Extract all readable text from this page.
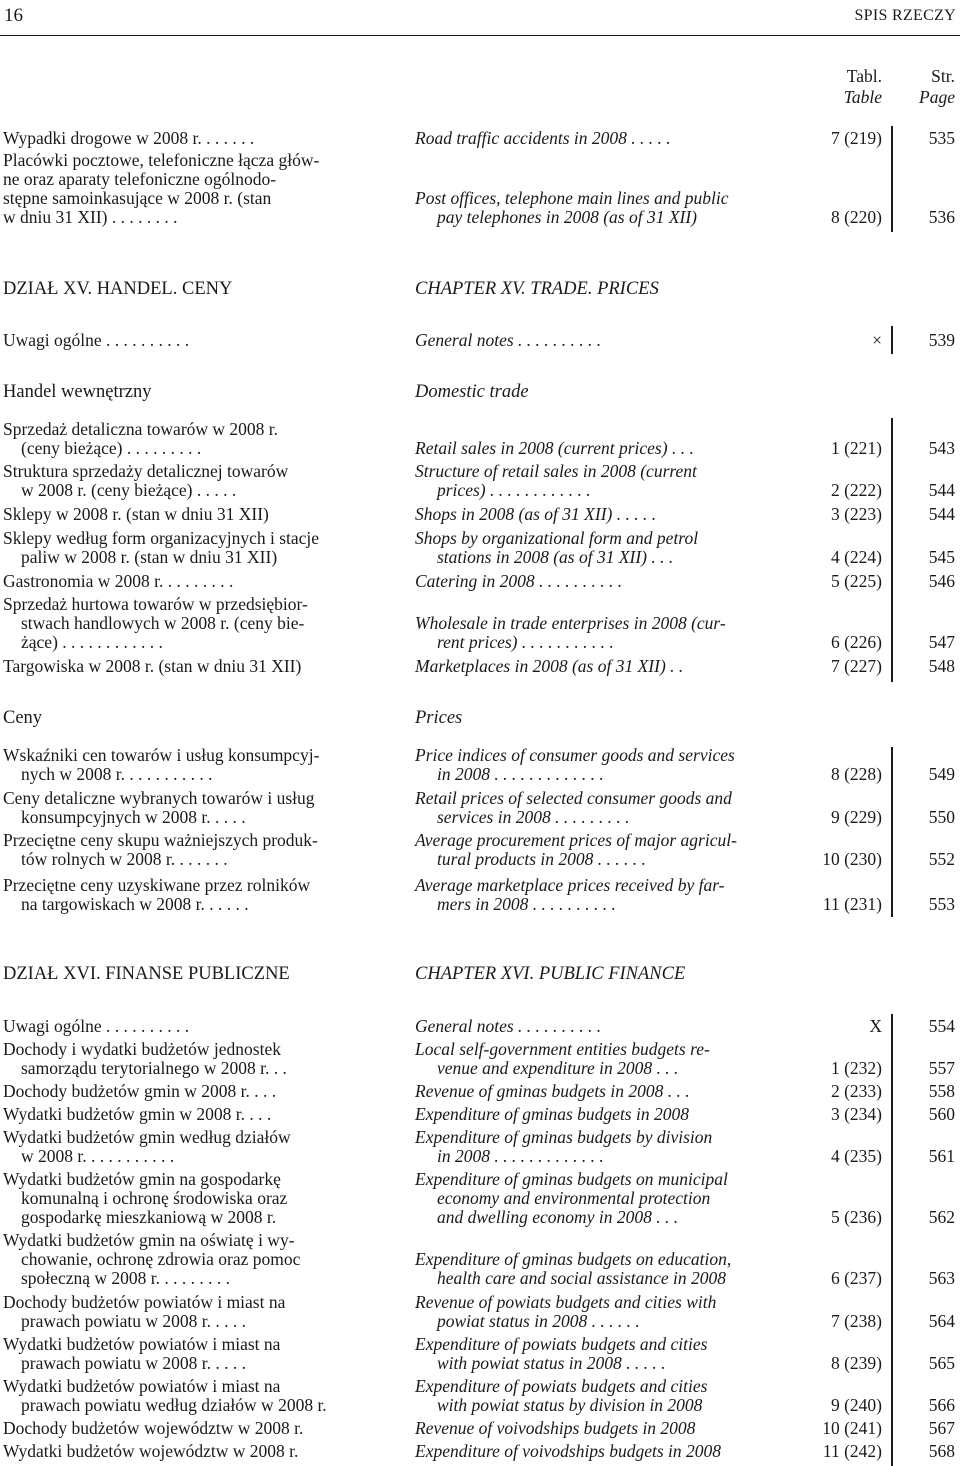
16	SPIS RZECZY
Tabl.
Table
Str.
Page
Wypadki drogowe w 2008 r. . . . . . .	Road traffic accidents in 2008 . . . . .	7 (219)	535
Placówki pocztowe, telefoniczne łącza głów-
ne oraz aparaty telefoniczne ogólnodo-
stępne samoinkasujące w 2008 r. (stan
w dniu 31 XII) . . . . . . . .
Post offices, telephone main lines and public
pay telephones in 2008 (as of 31 XII)	8 (220)	536
DZIAŁ XV. HANDEL. CENY	CHAPTER XV. TRADE. PRICES
Uwagi ogólne . . . . . . . . . .	General notes . . . . . . . . . .	×	539
Handel wewnętrzny	Domestic trade
Sprzedaż detaliczna towarów w 2008 r.
(ceny bieżące) . . . . . . . . .	Retail sales in 2008 (current prices) . . .	1 (221)	543
Struktura sprzedaży detalicznej towarów
w 2008 r. (ceny bieżące) . . . . .
Structure of retail sales in 2008 (current
prices) . . . . . . . . . . . .	2 (222)	544
Sklepy w 2008 r. (stan w dniu 31 XII)	Shops in 2008 (as of 31 XII) . . . . .	3 (223)	544
Sklepy według form organizacyjnych i stacje
paliw w 2008 r. (stan w dniu 31 XII)
Shops by organizational form and petrol
stations in 2008 (as of 31 XII) . . .	4 (224)	545
Gastronomia w 2008 r. . . . . . . . .	Catering in 2008 . . . . . . . . . .	5 (225)	546
Sprzedaż hurtowa towarów w przedsiębior-
stwach handlowych w 2008 r. (ceny bie-
żące) . . . . . . . . . . . .
Wholesale in trade enterprises in 2008 (cur-
rent prices) . . . . . . . . . . .	6 (226)	547
Targowiska w 2008 r. (stan w dniu 31 XII)	Marketplaces in 2008 (as of 31 XII) . .	7 (227)	548
Ceny	Prices
Wskaźniki cen towarów i usług konsumpcyj-
nych w 2008 r. . . . . . . . . . .
Price indices of consumer goods and services
in 2008 . . . . . . . . . . . . .	8 (228)	549
Ceny detaliczne wybranych towarów i usług
konsumpcyjnych w 2008 r. . . . .
Retail prices of selected consumer goods and
services in 2008 . . . . . . . . .	9 (229)	550
Przeciętne ceny skupu ważniejszych produk-
tów rolnych w 2008 r. . . . . . .
Average procurement prices of major agricul-
tural products in 2008 . . . . . .	10 (230)	552
Przeciętne ceny uzyskiwane przez rolników
na targowiskach w 2008 r. . . . . .
Average marketplace prices received by far-
mers in 2008 . . . . . . . . . .	11 (231)	553
DZIAŁ XVI. FINANSE PUBLICZNE	CHAPTER XVI. PUBLIC FINANCE
Uwagi ogólne . . . . . . . . . .	General notes . . . . . . . . . .	X	554
Dochody i wydatki budżetów jednostek
samorządu terytorialnego w 2008 r. . .
Local self-government entities budgets re-
venue and expenditure in 2008 . . .	1 (232)	557
Dochody budżetów gmin w 2008 r. . . .	Revenue of gminas budgets in 2008 . . .	2 (233)	558
Wydatki budżetów gmin w 2008 r. . . .	Expenditure of gminas budgets in 2008	3 (234)	560
Wydatki budżetów gmin według działów
w 2008 r. . . . . . . . . . .
Expenditure of gminas budgets by division
in 2008 . . . . . . . . . . . . .	4 (235)	561
Wydatki budżetów gmin na gospodarkę
komunalną i ochronę środowiska oraz
gospodarkę mieszkaniową w 2008 r.
Expenditure of gminas budgets on municipal
economy and environmental protection
and dwelling economy in 2008 . . .	5 (236)	562
Wydatki budżetów gmin na oświatę i wy-
chowanie, ochronę zdrowia oraz pomoc
społeczną w 2008 r. . . . . . . . .
Expenditure of gminas budgets on education,
health care and social assistance in 2008	6 (237)	563
Dochody budżetów powiatów i miast na
prawach powiatu w 2008 r. . . . .
Revenue of powiats budgets and cities with
powiat status in 2008 . . . . . .	7 (238)	564
Wydatki budżetów powiatów i miast na
prawach powiatu w 2008 r. . . . .
Expenditure of powiats budgets and cities
with powiat status in 2008 . . . . .	8 (239)	565
Wydatki budżetów powiatów i miast na
prawach powiatu według działów w 2008 r.
Expenditure of powiats budgets and cities
with powiat status by division in 2008	9 (240)	566
Dochody budżetów województw w 2008 r.	Revenue of voivodships budgets in 2008	10 (241)	567
Wydatki budżetów województw w 2008 r.	Expenditure of voivodships budgets in 2008	11 (242)	568
